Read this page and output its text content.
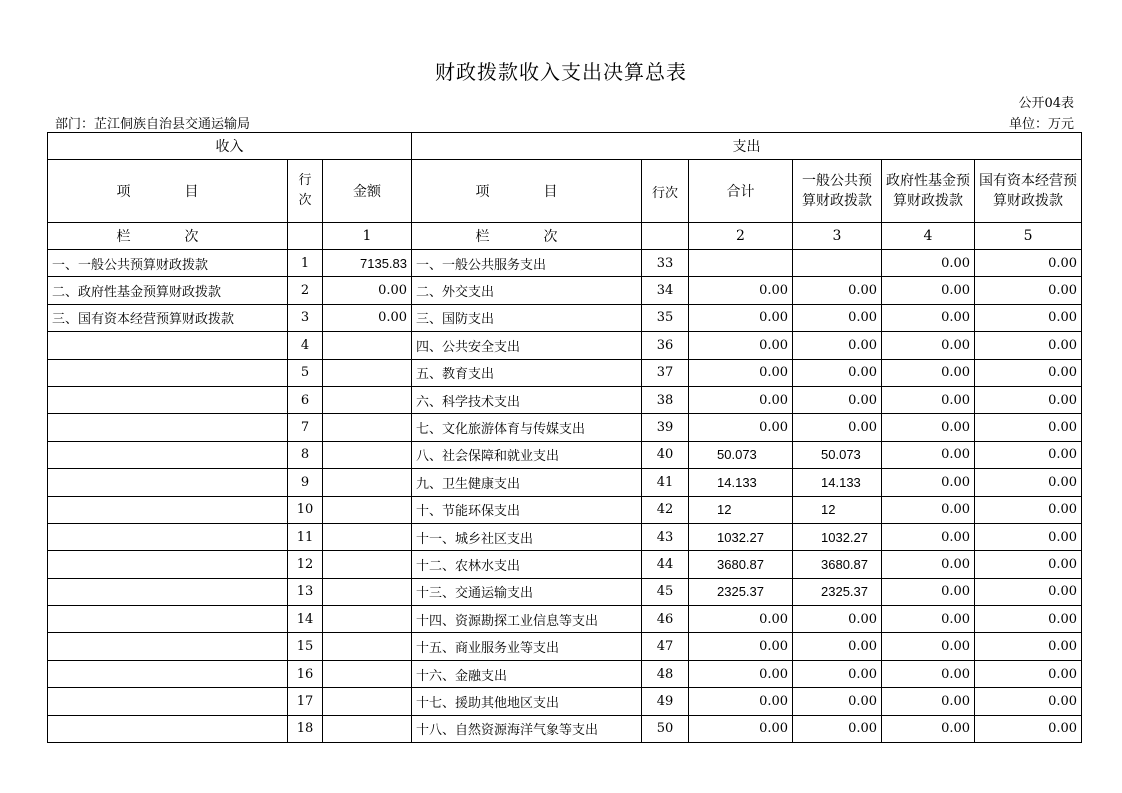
财政拨款收入支出决算总表
公开04表
部门：芷江侗族自治县交通运输局	单位：万元
收入			支出					
项　目	行次	金额	项　目	行次	合计	一般公共预算财政拨款	政府性基金预算财政拨款	国有资本经营预算财政拨款
栏　次		1	栏　次		2	3	4	5
一、一般公共预算财政拨款	1	7135.83	一、一般公共服务支出	33			0.00	0.00
二、政府性基金预算财政拨款	2	0.00	二、外交支出	34	0.00	0.00	0.00	0.00
三、国有资本经营预算财政拨款	3	0.00	三、国防支出	35	0.00	0.00	0.00	0.00
	4		四、公共安全支出	36	0.00	0.00	0.00	0.00
	5		五、教育支出	37	0.00	0.00	0.00	0.00
	6		六、科学技术支出	38	0.00	0.00	0.00	0.00
	7		七、文化旅游体育与传媒支出	39	0.00	0.00	0.00	0.00
	8		八、社会保障和就业支出	40	50.073	50.073	0.00	0.00
	9		九、卫生健康支出	41	14.133	14.133	0.00	0.00
	10		十、节能环保支出	42	12	12	0.00	0.00
	11		十一、城乡社区支出	43	1032.27	1032.27	0.00	0.00
	12		十二、农林水支出	44	3680.87	3680.87	0.00	0.00
	13		十三、交通运输支出	45	2325.37	2325.37	0.00	0.00
	14		十四、资源勘探工业信息等支出	46	0.00	0.00	0.00	0.00
	15		十五、商业服务业等支出	47	0.00	0.00	0.00	0.00
	16		十六、金融支出	48	0.00	0.00	0.00	0.00
	17		十七、援助其他地区支出	49	0.00	0.00	0.00	0.00
	18		十八、自然资源海洋气象等支出	50	0.00	0.00	0.00	0.00
